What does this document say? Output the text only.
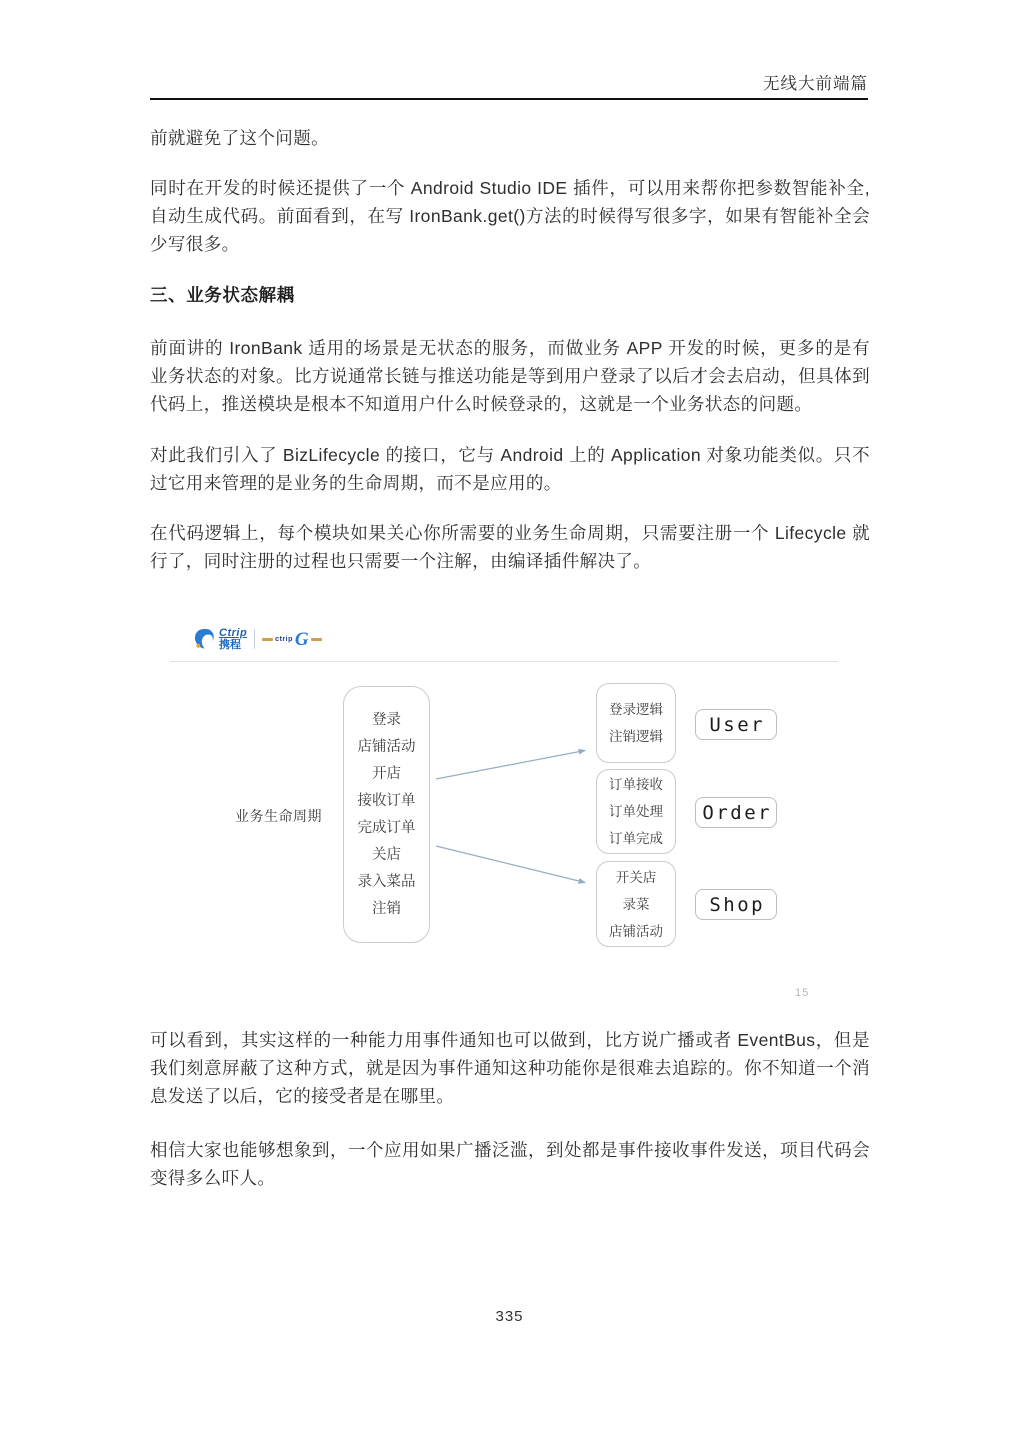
无线大前端篇

前就避免了这个问题。

同时在开发的时候还提供了一个 Android Studio IDE 插件，可以用来帮你把参数智能补全,自动生成代码。前面看到，在写 IronBank.get()方法的时候得写很多字，如果有智能补全会少写很多。

三、业务状态解耦

前面讲的 IronBank 适用的场景是无状态的服务，而做业务 APP 开发的时候，更多的是有业务状态的对象。比方说通常长链与推送功能是等到用户登录了以后才会去启动，但具体到代码上，推送模块是根本不知道用户什么时候登录的，这就是一个业务状态的问题。

对此我们引入了 BizLifecycle 的接口，它与 Android 上的 Application 对象功能类似。只不过它用来管理的是业务的生命周期，而不是应用的。

在代码逻辑上，每个模块如果关心你所需要的业务生命周期，只需要注册一个 Lifecycle 就行了，同时注册的过程也只需要一个注解，由编译插件解决了。

Ctrip
携程	ctrip G
业务生命周期
登录
店铺活动
开店
接收订单
完成订单
关店
录入菜品
注销
登录逻辑
注销逻辑
订单接收
订单处理
订单完成
开关店
录菜
店铺活动
User
Order
Shop
15

可以看到，其实这样的一种能力用事件通知也可以做到，比方说广播或者 EventBus，但是我们刻意屏蔽了这种方式，就是因为事件通知这种功能你是很难去追踪的。你不知道一个消息发送了以后，它的接受者是在哪里。

相信大家也能够想象到，一个应用如果广播泛滥，到处都是事件接收事件发送，项目代码会变得多么吓人。

335
